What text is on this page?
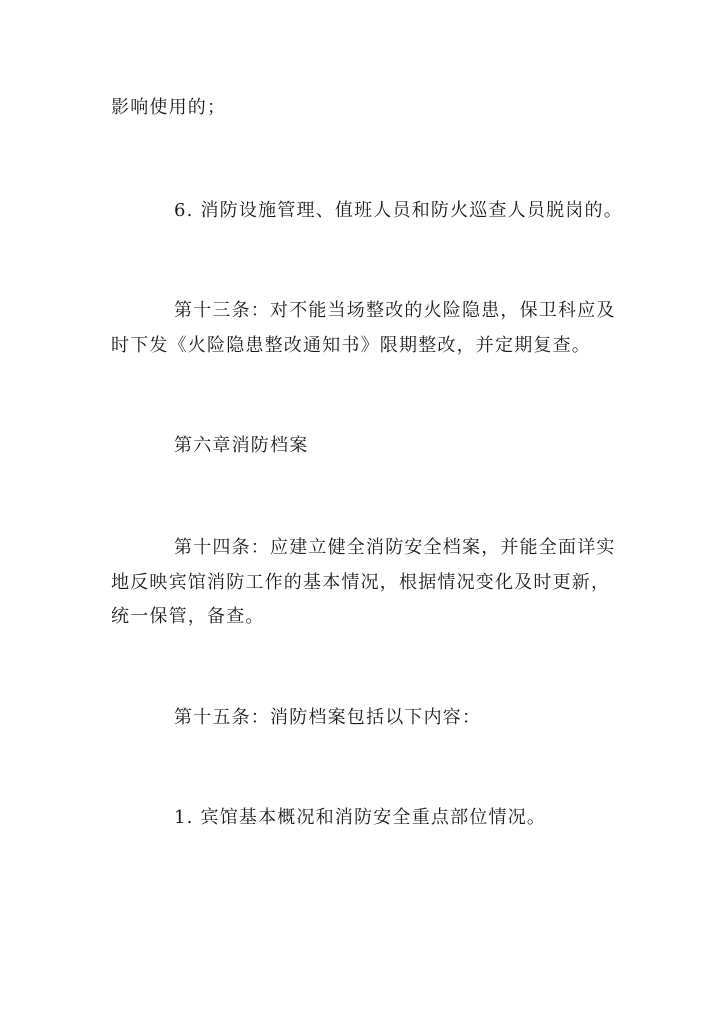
影响使用的；
6. 消防设施管理、值班人员和防火巡查人员脱岗的。
第十三条：对不能当场整改的火险隐患，保卫科应及
时下发《火险隐患整改通知书》限期整改，并定期复查。
第六章消防档案
第十四条：应建立健全消防安全档案，并能全面详实
地反映宾馆消防工作的基本情况，根据情况变化及时更新，
统一保管，备查。
第十五条：消防档案包括以下内容：
1. 宾馆基本概况和消防安全重点部位情况。
